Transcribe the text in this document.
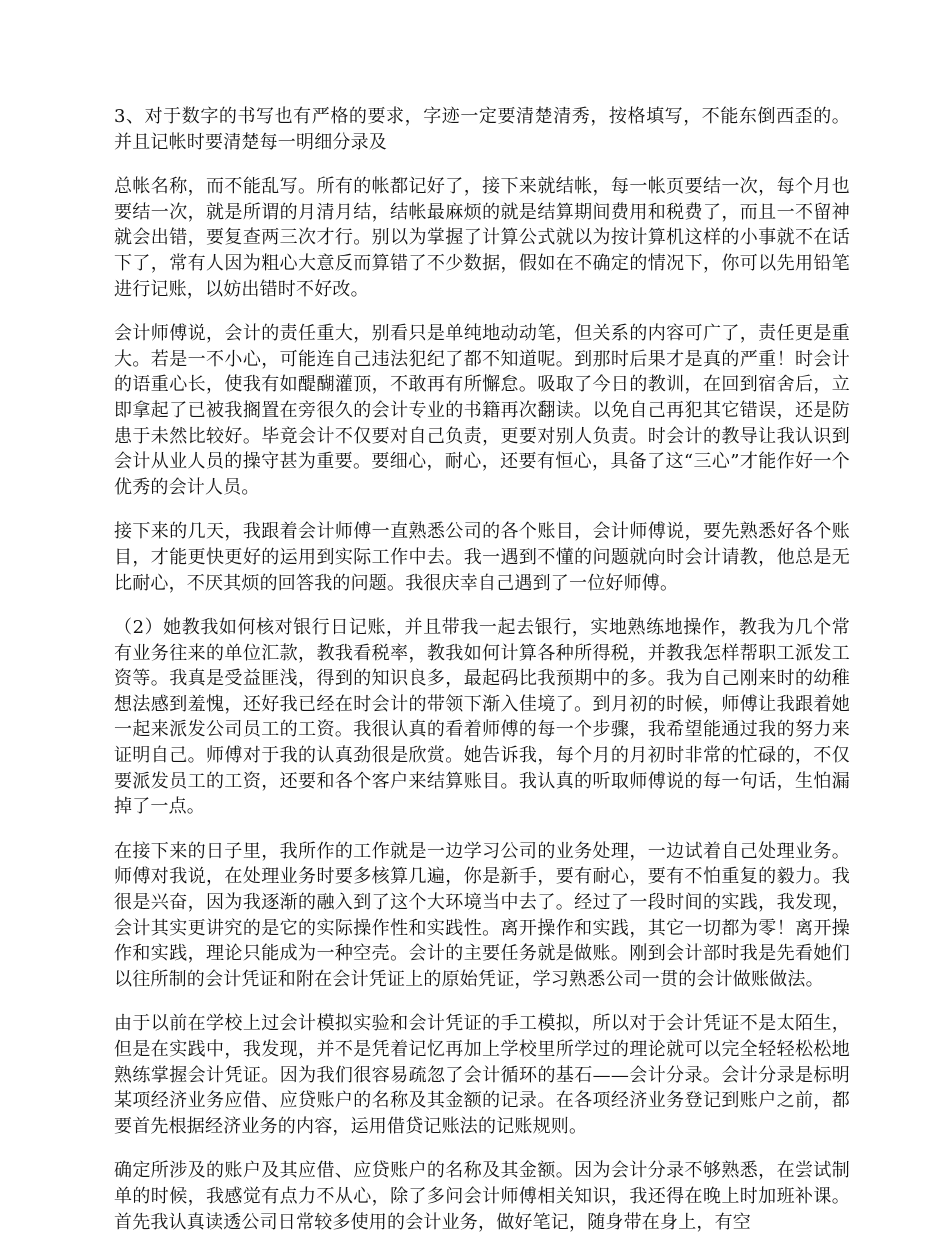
3、对于数字的书写也有严格的要求，字迹一定要清楚清秀，按格填写，不能东倒西歪的。并且记帐时要清楚每一明细分录及

总帐名称，而不能乱写。所有的帐都记好了，接下来就结帐，每一帐页要结一次，每个月也要结一次，就是所谓的月清月结，结帐最麻烦的就是结算期间费用和税费了，而且一不留神就会出错，要复查两三次才行。别以为掌握了计算公式就以为按计算机这样的小事就不在话下了，常有人因为粗心大意反而算错了不少数据，假如在不确定的情况下，你可以先用铅笔进行记账，以妨出错时不好改。

会计师傅说，会计的责任重大，别看只是单纯地动动笔，但关系的内容可广了，责任更是重大。若是一不小心，可能连自己违法犯纪了都不知道呢。到那时后果才是真的严重！时会计的语重心长，使我有如醍醐灌顶，不敢再有所懈怠。吸取了今日的教训，在回到宿舍后，立即拿起了已被我搁置在旁很久的会计专业的书籍再次翻读。以免自己再犯其它错误，还是防患于未然比较好。毕竟会计不仅要对自己负责，更要对别人负责。时会计的教导让我认识到会计从业人员的操守甚为重要。要细心，耐心，还要有恒心，具备了这“三心”才能作好一个优秀的会计人员。

接下来的几天，我跟着会计师傅一直熟悉公司的各个账目，会计师傅说，要先熟悉好各个账目，才能更快更好的运用到实际工作中去。我一遇到不懂的问题就向时会计请教，他总是无比耐心，不厌其烦的回答我的问题。我很庆幸自己遇到了一位好师傅。

（2）她教我如何核对银行日记账，并且带我一起去银行，实地熟练地操作，教我为几个常有业务往来的单位汇款，教我看税率，教我如何计算各种所得税，并教我怎样帮职工派发工资等。我真是受益匪浅，得到的知识良多，最起码比我预期中的多。我为自己刚来时的幼稚想法感到羞愧，还好我已经在时会计的带领下渐入佳境了。到月初的时候，师傅让我跟着她一起来派发公司员工的工资。我很认真的看着师傅的每一个步骤，我希望能通过我的努力来证明自己。师傅对于我的认真劲很是欣赏。她告诉我，每个月的月初时非常的忙碌的，不仅要派发员工的工资，还要和各个客户来结算账目。我认真的听取师傅说的每一句话，生怕漏掉了一点。

在接下来的日子里，我所作的工作就是一边学习公司的业务处理，一边试着自己处理业务。师傅对我说，在处理业务时要多核算几遍，你是新手，要有耐心，要有不怕重复的毅力。我很是兴奋，因为我逐渐的融入到了这个大环境当中去了。经过了一段时间的实践，我发现，会计其实更讲究的是它的实际操作性和实践性。离开操作和实践，其它一切都为零！离开操作和实践，理论只能成为一种空壳。会计的主要任务就是做账。刚到会计部时我是先看她们以往所制的会计凭证和附在会计凭证上的原始凭证，学习熟悉公司一贯的会计做账做法。

由于以前在学校上过会计模拟实验和会计凭证的手工模拟，所以对于会计凭证不是太陌生，但是在实践中，我发现，并不是凭着记忆再加上学校里所学过的理论就可以完全轻轻松松地熟练掌握会计凭证。因为我们很容易疏忽了会计循环的基石——会计分录。会计分录是标明某项经济业务应借、应贷账户的名称及其金额的记录。在各项经济业务登记到账户之前，都要首先根据经济业务的内容，运用借贷记账法的记账规则。

确定所涉及的账户及其应借、应贷账户的名称及其金额。因为会计分录不够熟悉，在尝试制单的时候，我感觉有点力不从心，除了多问会计师傅相关知识，我还得在晚上时加班补课。首先我认真读透公司日常较多使用的会计业务，做好笔记，随身带在身上，有空
